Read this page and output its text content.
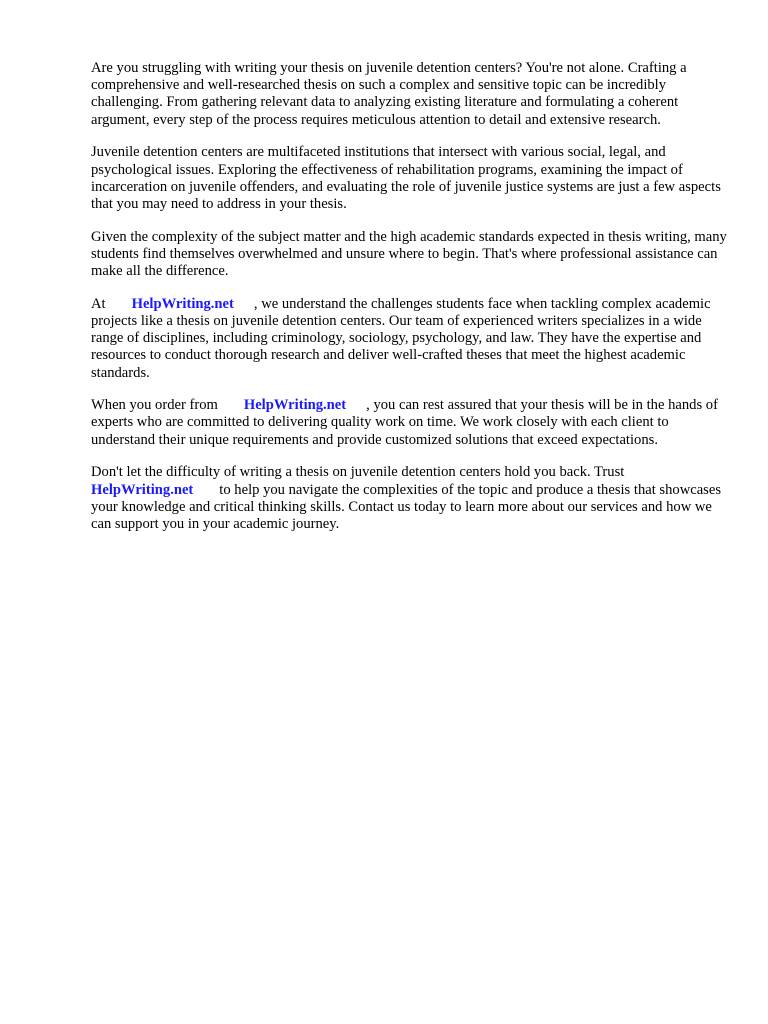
Are you struggling with writing your thesis on juvenile detention centers? You're not alone. Crafting a comprehensive and well-researched thesis on such a complex and sensitive topic can be incredibly challenging. From gathering relevant data to analyzing existing literature and formulating a coherent argument, every step of the process requires meticulous attention to detail and extensive research.

Juvenile detention centers are multifaceted institutions that intersect with various social, legal, and psychological issues. Exploring the effectiveness of rehabilitation programs, examining the impact of incarceration on juvenile offenders, and evaluating the role of juvenile justice systems are just a few aspects that you may need to address in your thesis.

Given the complexity of the subject matter and the high academic standards expected in thesis writing, many students find themselves overwhelmed and unsure where to begin. That's where professional assistance can make all the difference.

At HelpWriting.net , we understand the challenges students face when tackling complex academic projects like a thesis on juvenile detention centers. Our team of experienced writers specializes in a wide range of disciplines, including criminology, sociology, psychology, and law. They have the expertise and resources to conduct thorough research and deliver well-crafted theses that meet the highest academic standards.

When you order from HelpWriting.net , you can rest assured that your thesis will be in the hands of experts who are committed to delivering quality work on time. We work closely with each client to understand their unique requirements and provide customized solutions that exceed expectations.

Don't let the difficulty of writing a thesis on juvenile detention centers hold you back. Trust HelpWriting.net to help you navigate the complexities of the topic and produce a thesis that showcases your knowledge and critical thinking skills. Contact us today to learn more about our services and how we can support you in your academic journey.
